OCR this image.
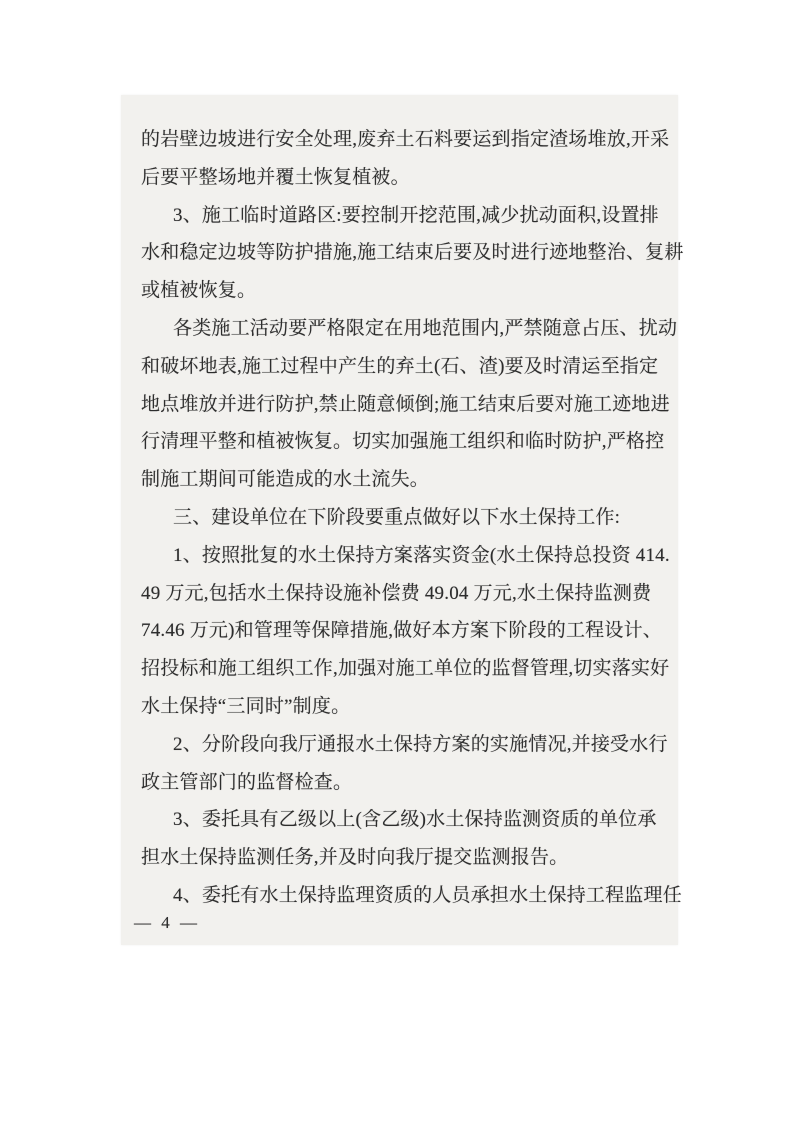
的岩壁边坡进行安全处理,废弃土石料要运到指定渣场堆放,开采
后要平整场地并覆土恢复植被。
3、施工临时道路区:要控制开挖范围,减少扰动面积,设置排
水和稳定边坡等防护措施,施工结束后要及时进行迹地整治、复耕
或植被恢复。
各类施工活动要严格限定在用地范围内,严禁随意占压、扰动
和破坏地表,施工过程中产生的弃土(石、渣)要及时清运至指定
地点堆放并进行防护,禁止随意倾倒;施工结束后要对施工迹地进
行清理平整和植被恢复。切实加强施工组织和临时防护,严格控
制施工期间可能造成的水土流失。
三、建设单位在下阶段要重点做好以下水土保持工作:
1、按照批复的水土保持方案落实资金(水土保持总投资 414.
49 万元,包括水土保持设施补偿费 49.04 万元,水土保持监测费
74.46 万元)和管理等保障措施,做好本方案下阶段的工程设计、
招投标和施工组织工作,加强对施工单位的监督管理,切实落实好
水土保持“三同时”制度。
2、分阶段向我厅通报水土保持方案的实施情况,并接受水行
政主管部门的监督检查。
3、委托具有乙级以上(含乙级)水土保持监测资质的单位承
担水土保持监测任务,并及时向我厅提交监测报告。
4、委托有水土保持监理资质的人员承担水土保持工程监理任
— 4 —
